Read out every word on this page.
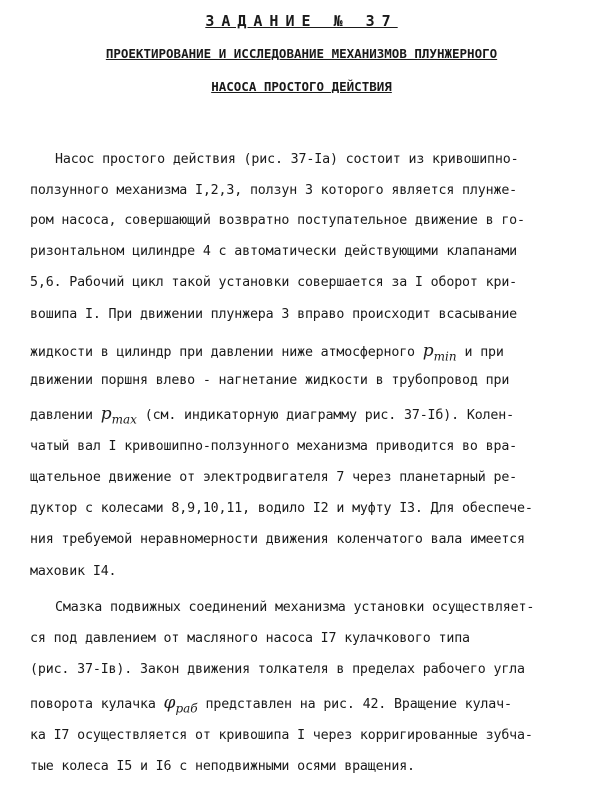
ЗАДАНИЕ № 37
ПРОЕКТИРОВАНИЕ И ИССЛЕДОВАНИЕ МЕХАНИЗМОВ ПЛУНЖЕРНОГО
НАСОСА ПРОСТОГО ДЕЙСТВИЯ
Насос простого действия (рис. 37-Iа) состоит из кривошипно-
ползунного механизма I,2,3, ползун 3 которого является плунже-
ром насоса, совершающий возвратно поступательное движение в го-
ризонтальном цилиндре 4 с автоматически действующими клапанами
5,6. Рабочий цикл такой установки совершается за I оборот кри-
вошипа I. При движении плунжера 3 вправо происходит всасывание
жидкости в цилиндр при давлении ниже атмосферного $p_{min}$ и при
движении поршня влево - нагнетание жидкости в трубопровод при
давлении $p_{max}$ (см. индикаторную диаграмму рис. 37-Iб). Колен-
чатый вал I кривошипно-ползунного механизма приводится во вра-
щательное движение от электродвигателя 7 через планетарный ре-
дуктор с колесами 8,9,10,11, водило I2 и муфту I3. Для обеспече-
ния требуемой неравномерности движения коленчатого вала имеется
маховик I4.
Смазка подвижных соединений механизма установки осуществляет-
ся под давлением от масляного насоса I7 кулачкового типа
(рис. 37-Iв). Закон движения толкателя в пределах рабочего угла
поворота кулачка $\varphi_{раб}$ представлен на рис. 42. Вращение кулач-
ка I7 осуществляется от кривошипа I через корригированные зубча-
тые колеса I5 и I6 с неподвижными осями вращения.
